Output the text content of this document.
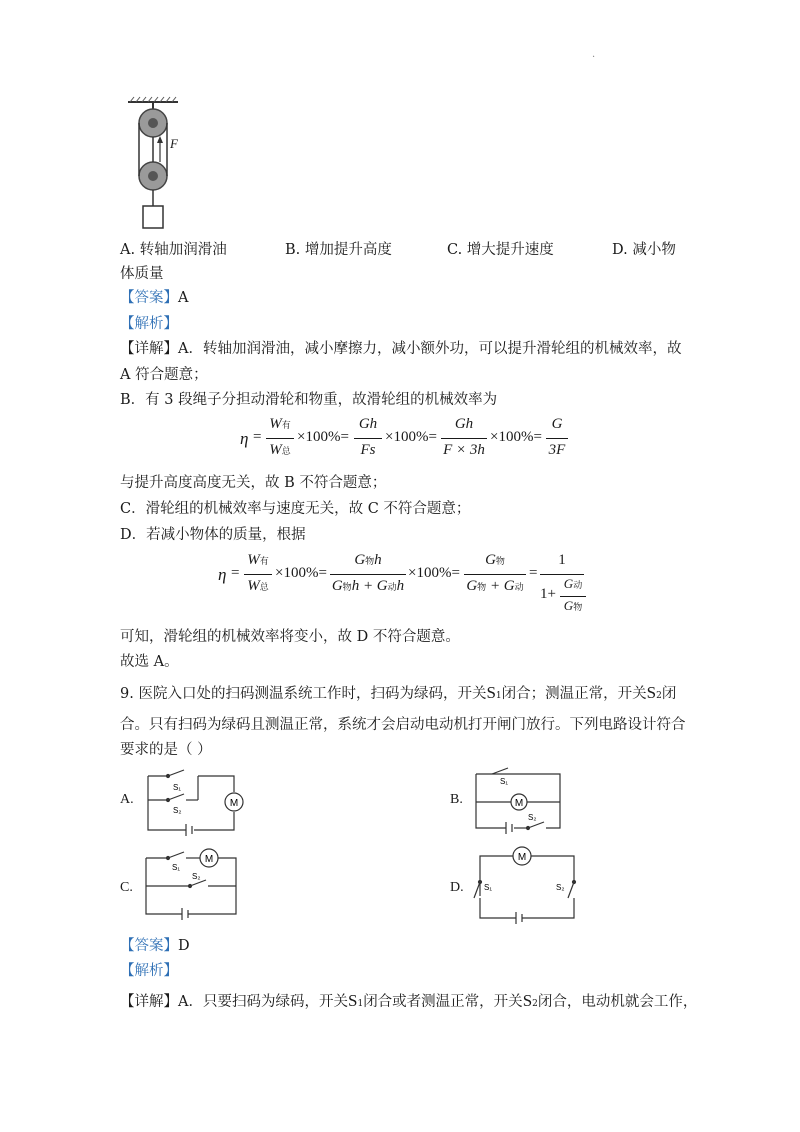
·
F
A. 转轴加润滑油	B. 增加提升高度	C. 增大提升速度	D. 减小物
体质量
【答案】A
【解析】
【详解】A．转轴加润滑油，减小摩擦力，减小额外功，可以提升滑轮组的机械效率，故
A 符合题意；
B．有 3 段绳子分担动滑轮和物重，故滑轮组的机械效率为
η =
W有
W总
×100%=
Gh
Fs
×100%=
Gh
F × 3h
×100%=
G
3F
与提升高度高度无关，故 B 不符合题意；
C．滑轮组的机械效率与速度无关，故 C 不符合题意；
D．若减小物体的质量，根据
η =
W有
W总
×100%=
G物h
G物h + G动h
×100%=
G物
G物 + G动
=
1
1+
G动
G物
可知，滑轮组的机械效率将变小，故 D 不符合题意。
故选 A。
9. 医院入口处的扫码测温系统工作时，扫码为绿码，开关S1闭合；测温正常，开关S2闭
合。只有扫码为绿码且测温正常，系统才会启动电动机打开闸门放行。下列电路设计符合
要求的是（ ）
A.	M
S₁
S₂
B.	M
S₁
S₂
C.
M
S₁
S₂
D.
M
S₁	S₂
【答案】D
【解析】
【详解】A．只要扫码为绿码，开关S1闭合或者测温正常，开关S2闭合，电动机就会工作，
